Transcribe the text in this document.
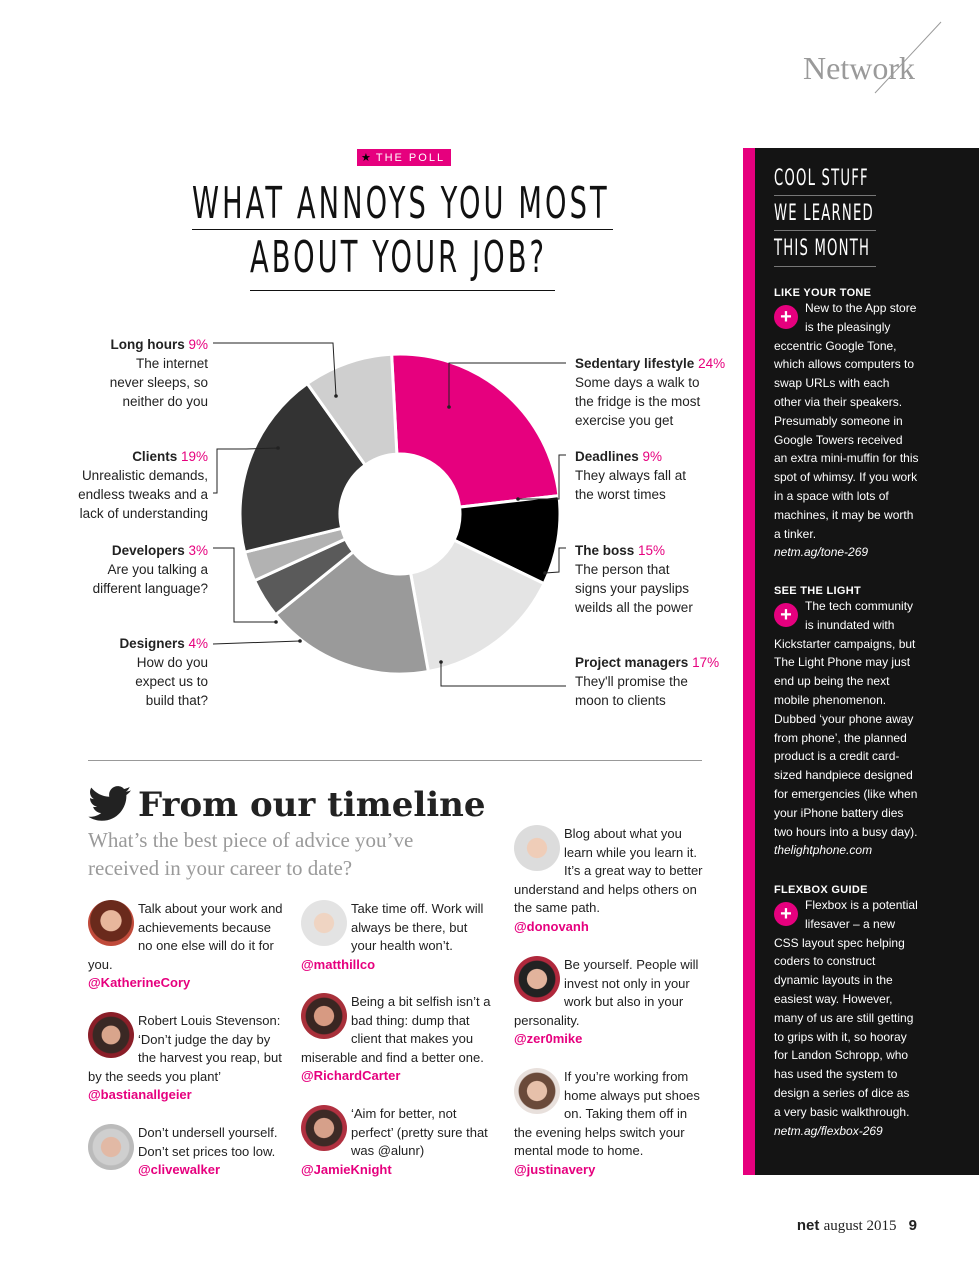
Network
★ THE POLL
WHAT ANNOYS YOU MOST
ABOUT YOUR JOB?
Long hours 9%
The internet
never sleeps, so
neither do you
Clients 19%
Unrealistic demands,
endless tweaks and a
lack of understanding
Developers 3%
Are you talking a
different language?
Designers 4%
How do you
expect us to
build that?
Sedentary lifestyle 24%
Some days a walk to
the fridge is the most
exercise you get
Deadlines 9%
They always fall at
the worst times
The boss 15%
The person that
signs your payslips
weilds all the power
Project managers 17%
They'll promise the
moon to clients
From our timeline
What’s the best piece of advice you’ve received in your career to date?
Talk about your work and achievements because no one else will do it for you.
@KatherineCory
Robert Louis Stevenson: ‘Don’t judge the day by the harvest you reap, but by the seeds you plant’
@bastianallgeier
Don’t undersell yourself. Don’t set prices too low.
@clivewalker
Take time off. Work will always be there, but your health won’t.
@matthillco
Being a bit selfish isn’t a bad thing: dump that client that makes you miserable and find a better one.
@RichardCarter
‘Aim for better, not perfect’ (pretty sure that was @alunr)
@JamieKnight
Blog about what you learn while you learn it. It’s a great way to better understand and helps others on the same path.
@donovanh
Be yourself. People will invest not only in your work but also in your personality.
@zer0mike
If you’re working from home always put shoes on. Taking them off in the evening helps switch your mental mode to home.
@justinavery
COOL STUFF
WE LEARNED
THIS MONTH
LIKE YOUR TONE
+	New to the App store is the pleasingly eccentric Google Tone, which allows computers to swap URLs with each other via their speakers. Presumably someone in Google Towers received an extra mini-muffin for this spot of whimsy. If you work in a space with lots of machines, it may be worth a tinker.
netm.ag/tone-269
SEE THE LIGHT
+	The tech community is inundated with Kickstarter campaigns, but The Light Phone may just end up being the next mobile phenomenon. Dubbed ‘your phone away from phone’, the planned product is a credit card-sized handpiece designed for emergencies (like when your iPhone battery dies two hours into a busy day).
thelightphone.com
FLEXBOX GUIDE
+	Flexbox is a potential lifesaver – a new CSS layout spec helping coders to construct dynamic layouts in the easiest way. However, many of us are still getting to grips with it, so hooray for Landon Schropp, who has used the system to design a series of dice as a very basic walkthrough.
netm.ag/flexbox-269
net august 2015 9
